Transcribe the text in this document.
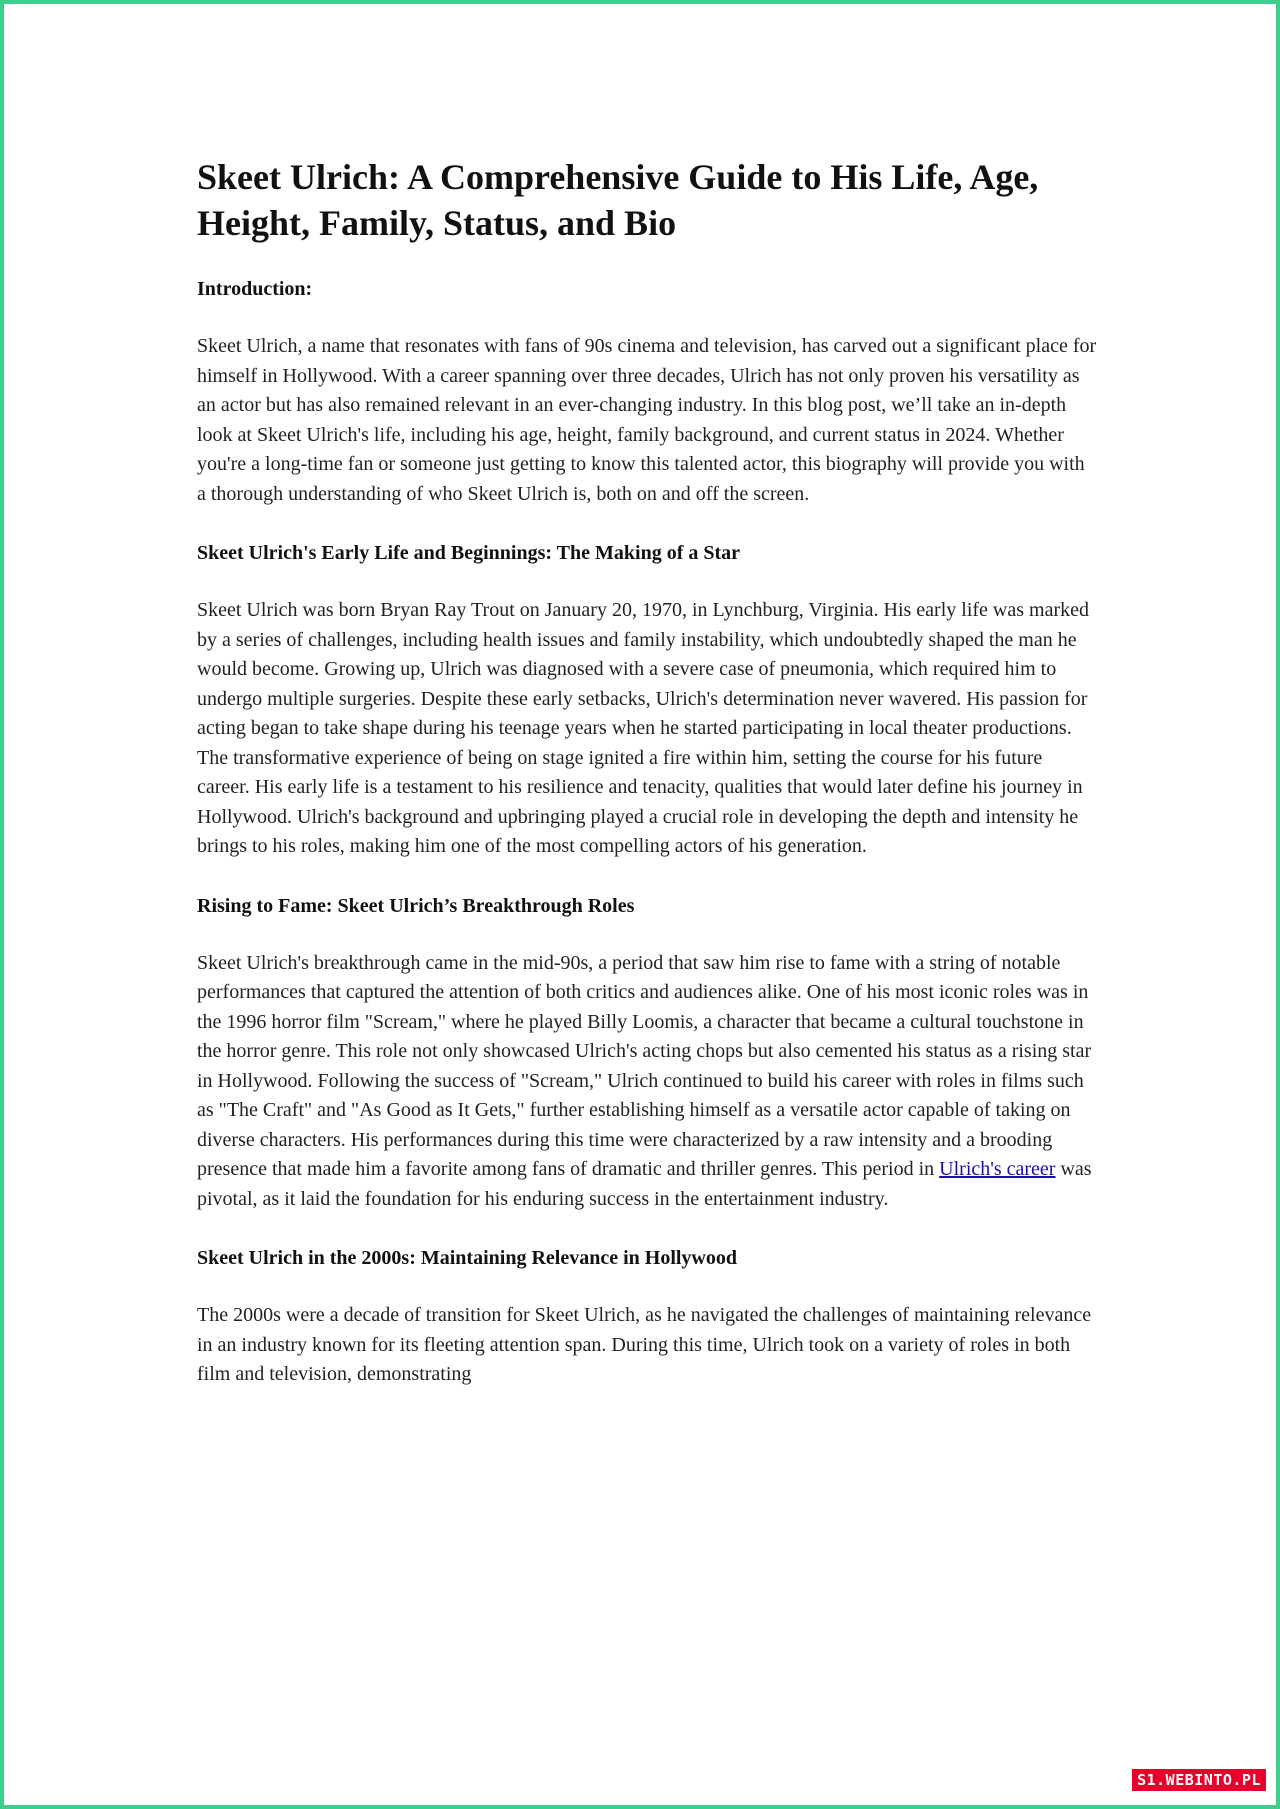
Skeet Ulrich: A Comprehensive Guide to His Life, Age, Height, Family, Status, and Bio
Introduction:

Skeet Ulrich, a name that resonates with fans of 90s cinema and television, has carved out a significant place for himself in Hollywood. With a career spanning over three decades, Ulrich has not only proven his versatility as an actor but has also remained relevant in an ever-changing industry. In this blog post, we’ll take an in-depth look at Skeet Ulrich's life, including his age, height, family background, and current status in 2024. Whether you're a long-time fan or someone just getting to know this talented actor, this biography will provide you with a thorough understanding of who Skeet Ulrich is, both on and off the screen.

Skeet Ulrich's Early Life and Beginnings: The Making of a Star

Skeet Ulrich was born Bryan Ray Trout on January 20, 1970, in Lynchburg, Virginia. His early life was marked by a series of challenges, including health issues and family instability, which undoubtedly shaped the man he would become. Growing up, Ulrich was diagnosed with a severe case of pneumonia, which required him to undergo multiple surgeries. Despite these early setbacks, Ulrich's determination never wavered. His passion for acting began to take shape during his teenage years when he started participating in local theater productions. The transformative experience of being on stage ignited a fire within him, setting the course for his future career. His early life is a testament to his resilience and tenacity, qualities that would later define his journey in Hollywood. Ulrich's background and upbringing played a crucial role in developing the depth and intensity he brings to his roles, making him one of the most compelling actors of his generation.

Rising to Fame: Skeet Ulrich’s Breakthrough Roles

Skeet Ulrich's breakthrough came in the mid-90s, a period that saw him rise to fame with a string of notable performances that captured the attention of both critics and audiences alike. One of his most iconic roles was in the 1996 horror film "Scream," where he played Billy Loomis, a character that became a cultural touchstone in the horror genre. This role not only showcased Ulrich's acting chops but also cemented his status as a rising star in Hollywood. Following the success of "Scream," Ulrich continued to build his career with roles in films such as "The Craft" and "As Good as It Gets," further establishing himself as a versatile actor capable of taking on diverse characters. His performances during this time were characterized by a raw intensity and a brooding presence that made him a favorite among fans of dramatic and thriller genres. This period in Ulrich's career was pivotal, as it laid the foundation for his enduring success in the entertainment industry.

Skeet Ulrich in the 2000s: Maintaining Relevance in Hollywood

The 2000s were a decade of transition for Skeet Ulrich, as he navigated the challenges of maintaining relevance in an industry known for its fleeting attention span. During this time, Ulrich took on a variety of roles in both film and television, demonstrating

S1.WEBINTO.PL
